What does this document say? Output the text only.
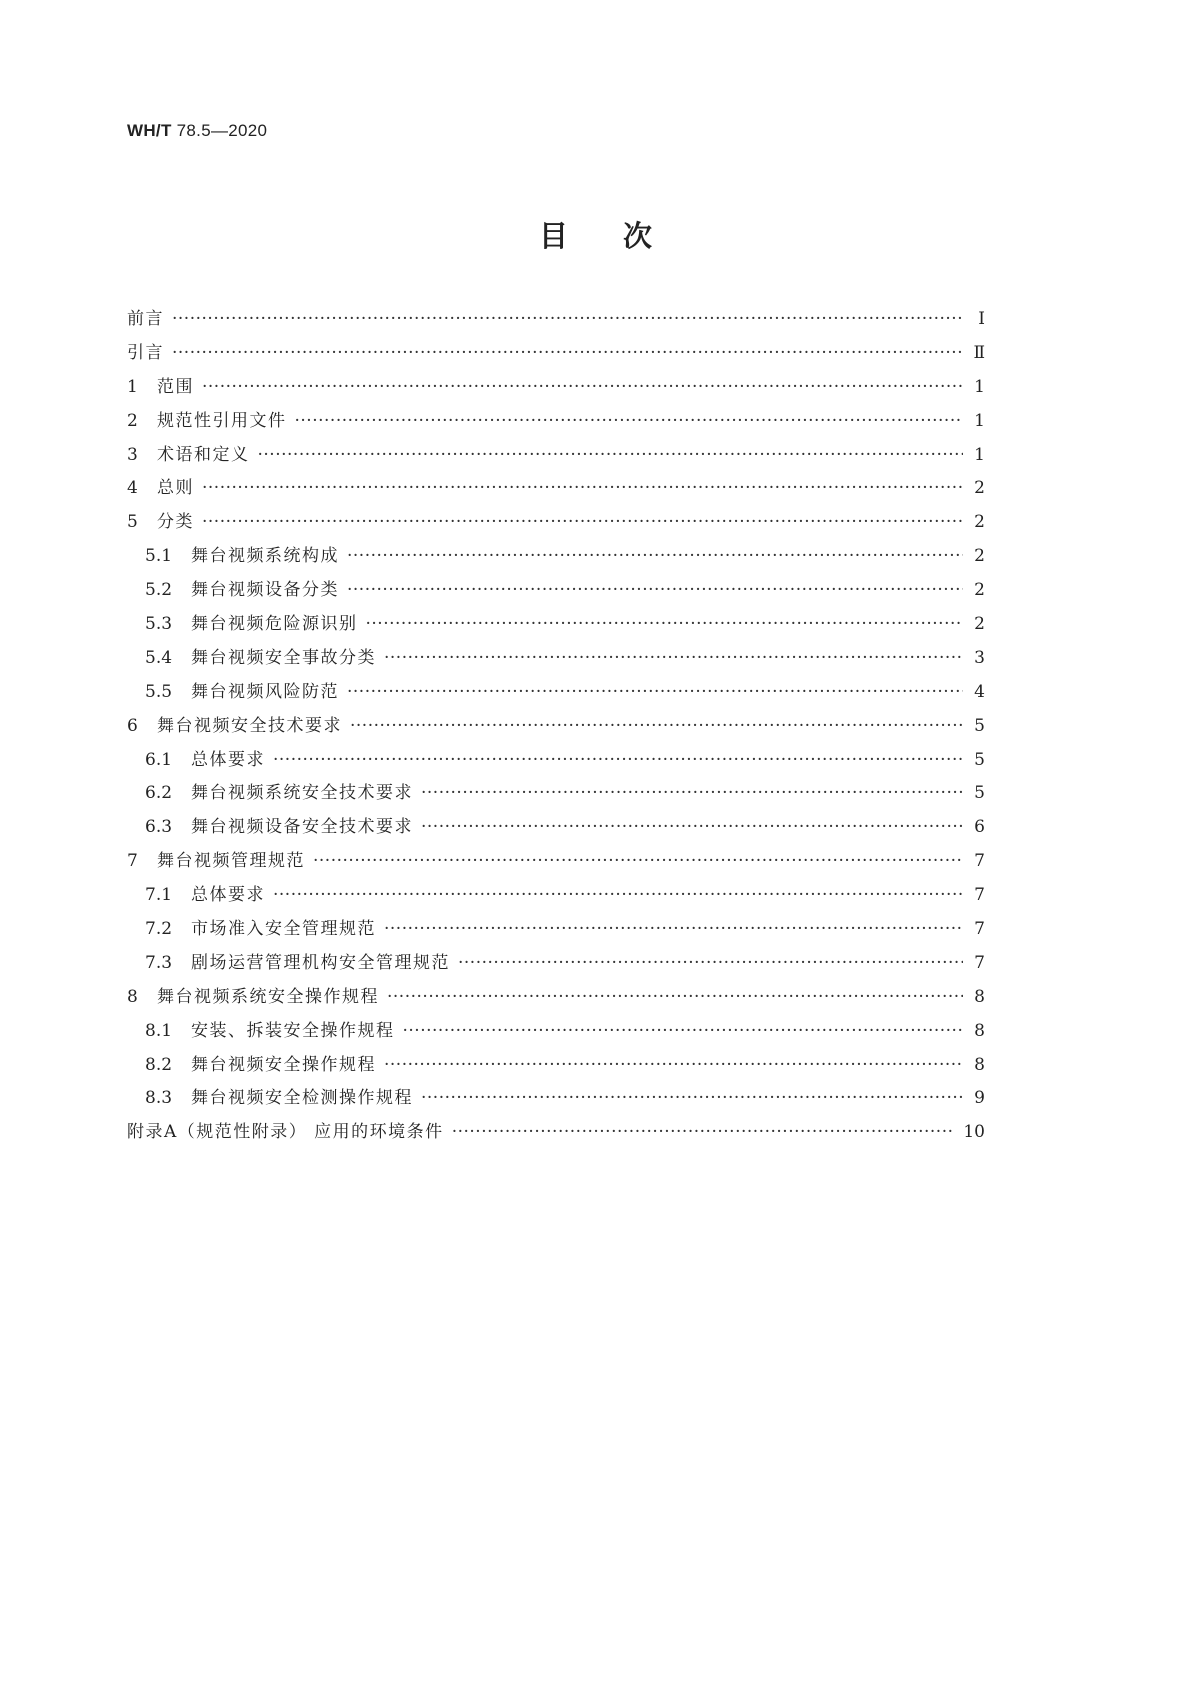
WH/T 78.5—2020
目次
前言 ·····	Ⅰ
引言 ·····	Ⅱ
1	范围 ·····	1
2	规范性引用文件 ·····	1
3	术语和定义 ·····	1
4	总则 ·····	2
5	分类 ·····	2
5.1	舞台视频系统构成 ·····	2
5.2	舞台视频设备分类 ·····	2
5.3	舞台视频危险源识别 ·····	2
5.4	舞台视频安全事故分类 ·····	3
5.5	舞台视频风险防范 ·····	4
6	舞台视频安全技术要求 ·····	5
6.1	总体要求 ·····	5
6.2	舞台视频系统安全技术要求 ·····	5
6.3	舞台视频设备安全技术要求 ·····	6
7	舞台视频管理规范 ·····	7
7.1	总体要求 ·····	7
7.2	市场准入安全管理规范 ·····	7
7.3	剧场运营管理机构安全管理规范 ·····	7
8	舞台视频系统安全操作规程 ·····	8
8.1	安装、拆装安全操作规程 ·····	8
8.2	舞台视频安全操作规程 ·····	8
8.3	舞台视频安全检测操作规程 ·····	9
附录A（规范性附录） 应用的环境条件 ·····	10
